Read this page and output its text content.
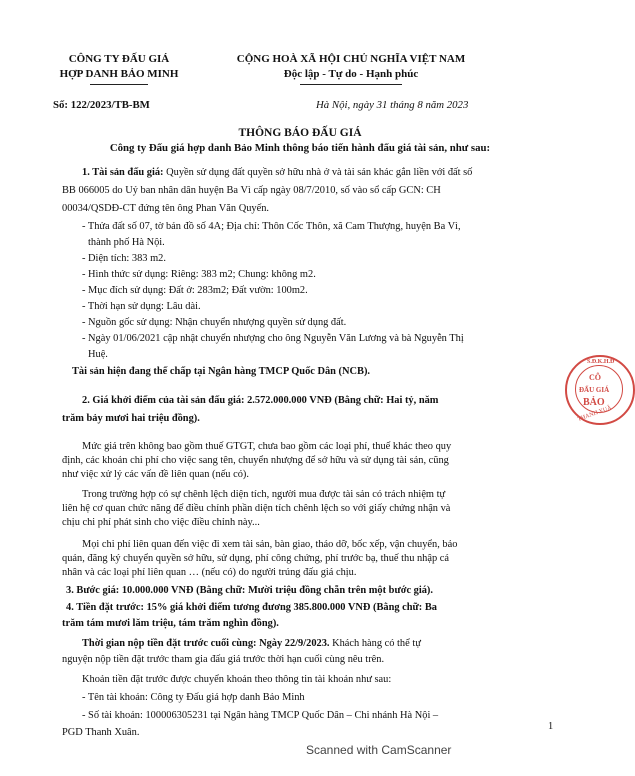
CÔNG TY ĐẤU GIÁ
HỢP DANH BẢO MINH
CỘNG HOÀ XÃ HỘI CHỦ NGHĨA VIỆT NAM
Độc lập - Tự do - Hạnh phúc
Số: 122/2023/TB-BM	Hà Nội, ngày 31 tháng 8 năm 2023
THÔNG BÁO ĐẤU GIÁ
Công ty Đấu giá hợp danh Bảo Minh thông báo tiến hành đấu giá tài sản, như sau:
1. Tài sản đấu giá: Quyền sử dụng đất quyền sở hữu nhà ở và tài sản khác gắn liền với đất số
BB 066005 do Uỷ ban nhân dân huyện Ba Vì cấp ngày 08/7/2010, số vào sổ cấp GCN: CH
00034/QSDĐ-CT đứng tên ông Phan Văn Quyến.
- Thửa đất số 07, tờ bản đồ số 4A; Địa chỉ: Thôn Cốc Thôn, xã Cam Thượng, huyện Ba Vì,
thành phố Hà Nội.
- Diện tích: 383 m2.
- Hình thức sử dụng: Riêng: 383 m2; Chung: không m2.
- Mục đích sử dụng: Đất ở: 283m2; Đất vườn: 100m2.
- Thời hạn sử dụng: Lâu dài.
- Nguồn gốc sử dụng: Nhận chuyển nhượng quyền sử dụng đất.
- Ngày 01/06/2021 cập nhật chuyển nhượng cho ông Nguyễn Văn Lương và bà Nguyễn Thị
Huệ.
Tài sản hiện đang thế chấp tại Ngân hàng TMCP Quốc Dân (NCB).
2. Giá khởi điểm của tài sản đấu giá: 2.572.000.000 VNĐ (Bằng chữ: Hai tỷ, năm
trăm bảy mươi hai triệu đồng).
Mức giá trên không bao gồm thuế GTGT, chưa bao gồm các loại phí, thuế khác theo quy
định, các khoản chi phí cho việc sang tên, chuyển nhượng để sở hữu và sử dụng tài sản, cũng
như việc xử lý các vấn đề liên quan (nếu có).
Trong trường hợp có sự chênh lệch diện tích, người mua được tài sản có trách nhiệm tự
liên hệ cơ quan chức năng để điều chỉnh phần diện tích chênh lệch so với giấy chứng nhận và
chịu chi phí phát sinh cho việc điều chỉnh này...
Mọi chi phí liên quan đến việc đi xem tài sản, bàn giao, tháo dỡ, bốc xếp, vận chuyển, bảo
quản, đăng ký chuyển quyền sở hữu, sử dụng, phí công chứng, phí trước bạ, thuế thu nhập cá
nhân và các loại phí liên quan … (nếu có) do người trúng đấu giá chịu.
3. Bước giá: 10.000.000 VNĐ (Bằng chữ: Mười triệu đồng chẵn trên một bước giá).
4. Tiền đặt trước: 15% giá khởi điểm tương đương 385.800.000 VNĐ (Bằng chữ: Ba
trăm tám mươi lăm triệu, tám trăm nghìn đồng).
Thời gian nộp tiền đặt trước cuối cùng: Ngày 22/9/2023. Khách hàng có thể tự
nguyện nộp tiền đặt trước tham gia đấu giá trước thời hạn cuối cùng nêu trên.
Khoản tiền đặt trước được chuyển khoản theo thông tin tài khoản như sau:
- Tên tài khoản: Công ty Đấu giá hợp danh Bảo Minh
- Số tài khoản: 100006305231 tại Ngân hàng TMCP Quốc Dân – Chi nhánh Hà Nội –
PGD Thanh Xuân.
1
S.Đ.K.H.Đ
CÔ
ĐẤU GIÁ
BẢO
THANH XUÂ
Scanned with CamScanner
